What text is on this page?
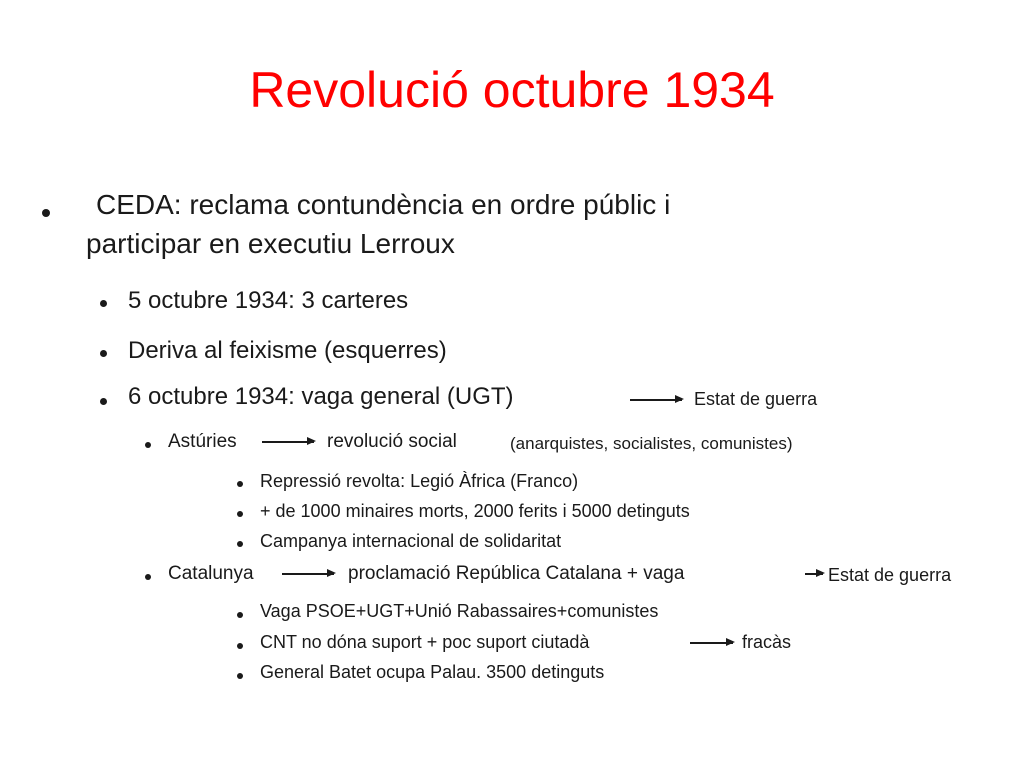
Revolució octubre 1934
CEDA: reclama contundència en ordre públic i
participar en executiu Lerroux
5 octubre 1934: 3 carteres
Deriva al feixisme (esquerres)
6 octubre 1934: vaga general (UGT)	Estat de guerra
Astúries	revolució social	(anarquistes, socialistes, comunistes)
Repressió revolta: Legió Àfrica (Franco)
+ de 1000 minaires morts, 2000 ferits i 5000 detinguts
Campanya internacional de solidaritat
Catalunya	proclamació República Catalana + vaga	Estat de guerra
Vaga PSOE+UGT+Unió Rabassaires+comunistes
CNT no dóna suport + poc suport ciutadà	fracàs
General Batet ocupa Palau. 3500 detinguts
